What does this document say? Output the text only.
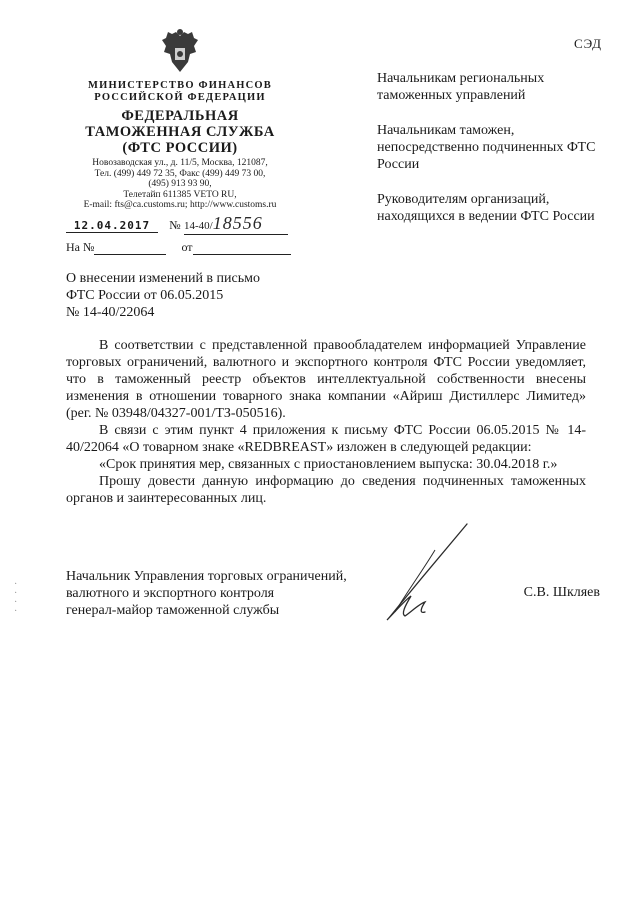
СЭД
МИНИСТЕРСТВО ФИНАНСОВ
РОССИЙСКОЙ ФЕДЕРАЦИИ
ФЕДЕРАЛЬНАЯ
ТАМОЖЕННАЯ СЛУЖБА
(ФТС РОССИИ)
Новозаводская ул., д. 11/5, Москва, 121087,
Тел. (499) 449 72 35, Факс (499) 449 73 00,
(495) 913 93 90,
Телетайп 611385 VETO RU,
E-mail: fts@ca.customs.ru; http://www.customs.ru
12.04.2017 № 14-40/18556
На №	от

Начальникам региональных таможенных управлений

Начальникам таможен, непосредственно подчиненных ФТС России

Руководителям организаций, находящихся в ведении ФТС России

О внесении изменений в письмо
ФТС России от 06.05.2015
№ 14-40/22064

В соответствии с представленной правообладателем информацией Управление торговых ограничений, валютного и экспортного контроля ФТС России уведомляет, что в таможенный реестр объектов интеллектуальной собственности внесены изменения в отношении товарного знака компании «Айриш Дистиллерс Лимитед» (рег. № 03948/04327-001/ТЗ-050516).

В связи с этим пункт 4 приложения к письму ФТС России 06.05.2015 № 14-40/22064 «О товарном знаке «REDBREAST» изложен в следующей редакции:

«Срок принятия мер, связанных с приостановлением выпуска: 30.04.2018 г.»

Прошу довести данную информацию до сведения подчиненных таможенных органов и заинтересованных лиц.

Начальник Управления торговых ограничений,
валютного и экспортного контроля
генерал-майор таможенной службы
С.В. Шкляев
·
·
·
·
